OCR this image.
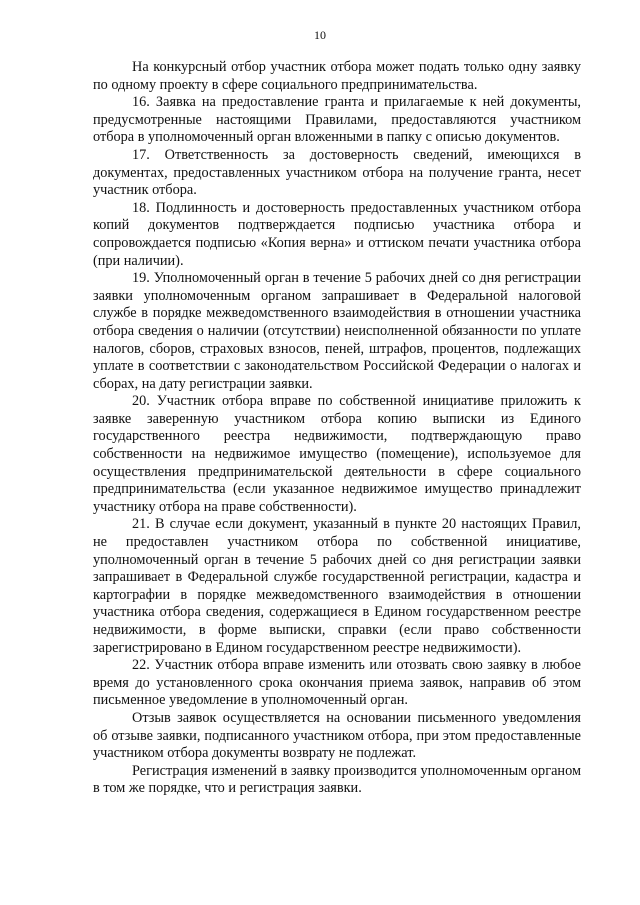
10

На конкурсный отбор участник отбора может подать только одну заявку по одному проекту в сфере социального предпринимательства.

16. Заявка на предоставление гранта и прилагаемые к ней документы, предусмотренные настоящими Правилами, предоставляются участником отбора в уполномоченный орган вложенными в папку с описью документов.

17. Ответственность за достоверность сведений, имеющихся в документах, предоставленных участником отбора на получение гранта, несет участник отбора.

18. Подлинность и достоверность предоставленных участником отбора копий документов подтверждается подписью участника отбора и сопровождается подписью «Копия верна» и оттиском печати участника отбора (при наличии).

19. Уполномоченный орган в течение 5 рабочих дней со дня регистрации заявки уполномоченным органом запрашивает в Федеральной налоговой службе в порядке межведомственного взаимодействия в отношении участника отбора сведения о наличии (отсутствии) неисполненной обязанности по уплате налогов, сборов, страховых взносов, пеней, штрафов, процентов, подлежащих уплате в соответствии с законодательством Российской Федерации о налогах и сборах, на дату регистрации заявки.

20. Участник отбора вправе по собственной инициативе приложить к заявке заверенную участником отбора копию выписки из Единого государственного реестра недвижимости, подтверждающую право собственности на недвижимое имущество (помещение), используемое для осуществления предпринимательской деятельности в сфере социального предпринимательства (если указанное недвижимое имущество принадлежит участнику отбора на праве собственности).

21. В случае если документ, указанный в пункте 20 настоящих Правил, не предоставлен участником отбора по собственной инициативе, уполномоченный орган в течение 5 рабочих дней со дня регистрации заявки запрашивает в Федеральной службе государственной регистрации, кадастра и картографии в порядке межведомственного взаимодействия в отношении участника отбора сведения, содержащиеся в Едином государственном реестре недвижимости, в форме выписки, справки (если право собственности зарегистрировано в Едином государственном реестре недвижимости).

22. Участник отбора вправе изменить или отозвать свою заявку в любое время до установленного срока окончания приема заявок, направив об этом письменное уведомление в уполномоченный орган.

Отзыв заявок осуществляется на основании письменного уведомления об отзыве заявки, подписанного участником отбора, при этом предоставленные участником отбора документы возврату не подлежат.

Регистрация изменений в заявку производится уполномоченным органом в том же порядке, что и регистрация заявки.
